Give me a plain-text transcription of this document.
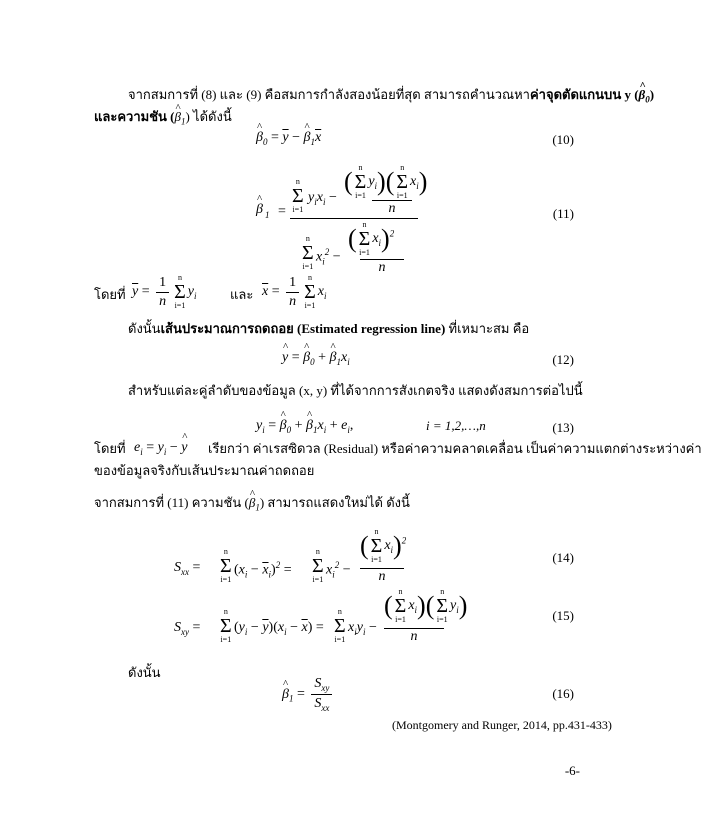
จากสมการที่ (8) และ (9) คือสมการกำลังสองน้อยที่สุด สามารถคำนวณหาค่าจุดตัดแกนบน y (^ $\beta_0$)
และความชัน (^ $\beta_1$) ได้ดังนี้
^ $\beta_0 = \overline{y}$ − ^ $\beta_1\overline{x}$	(10)
^ β 1 =
n
Σ
i=1
$y_ix_i$ −
( n
Σ
i=1
$y_i$)( n
Σ
i=1
$x_i$)
n
n
Σ
i=1
$x_i^2$ −
( n
Σ
i=1
$x_i)^2$
n
(11)
โดยที่ $\overline{y} = \frac{1}{n}$	n
Σ
i=1
$y_i$	และ $\overline{x} = \frac{1}{n}$	n
Σ
i=1
$x_i$
ดังนั้นเส้นประมาณการถดถอย (Estimated regression line) ที่เหมาะสม คือ
^ y = ^ $\beta_0$ + ^ $\beta_1x_i$	(12)
สำหรับแต่ละคู่ลำดับของข้อมูล (x, y) ที่ได้จากการสังเกตจริง แสดงดังสมการต่อไปนี้
$y_i$ = ^ $\beta_0$ + ^ $\beta_1x_i + e_i$,	i = 1,2,…,n	(13)
โดยที่ $e_i = y_i$ − ^ y เรียกว่า ค่าเรสซิดวล (Residual) หรือค่าความคลาดเคลื่อน เป็นค่าความแตกต่างระหว่างค่า
ของข้อมูลจริงกับเส้นประมาณค่าถดถอย
จากสมการที่ (11) ความชัน (^ $\beta_1$) สามารถแสดงใหม่ได้ ดังนี้
$S_{xx}$ =
n
Σ
i=1
$(x_i - \overline{x}_i)^2$ =
n
Σ
i=1
$x_i^2$ −
( n
Σ
i=1
$x_i)^2$
n
(14)
$S_{xy}$ =
n
Σ
i=1
$(y_i - \overline{y})(x_i - \overline{x})$ =
n
Σ
i=1
$x_iy_i$ −
( n
Σ
i=1
$x_i$)( n
Σ
i=1
$y_i$)
n
(15)
ดังนั้น
^ $\beta_1 = \frac{S_{xy}}{S_{xx}}$	(16)
(Montgomery and Runger, 2014, pp.431-433)
-6-
